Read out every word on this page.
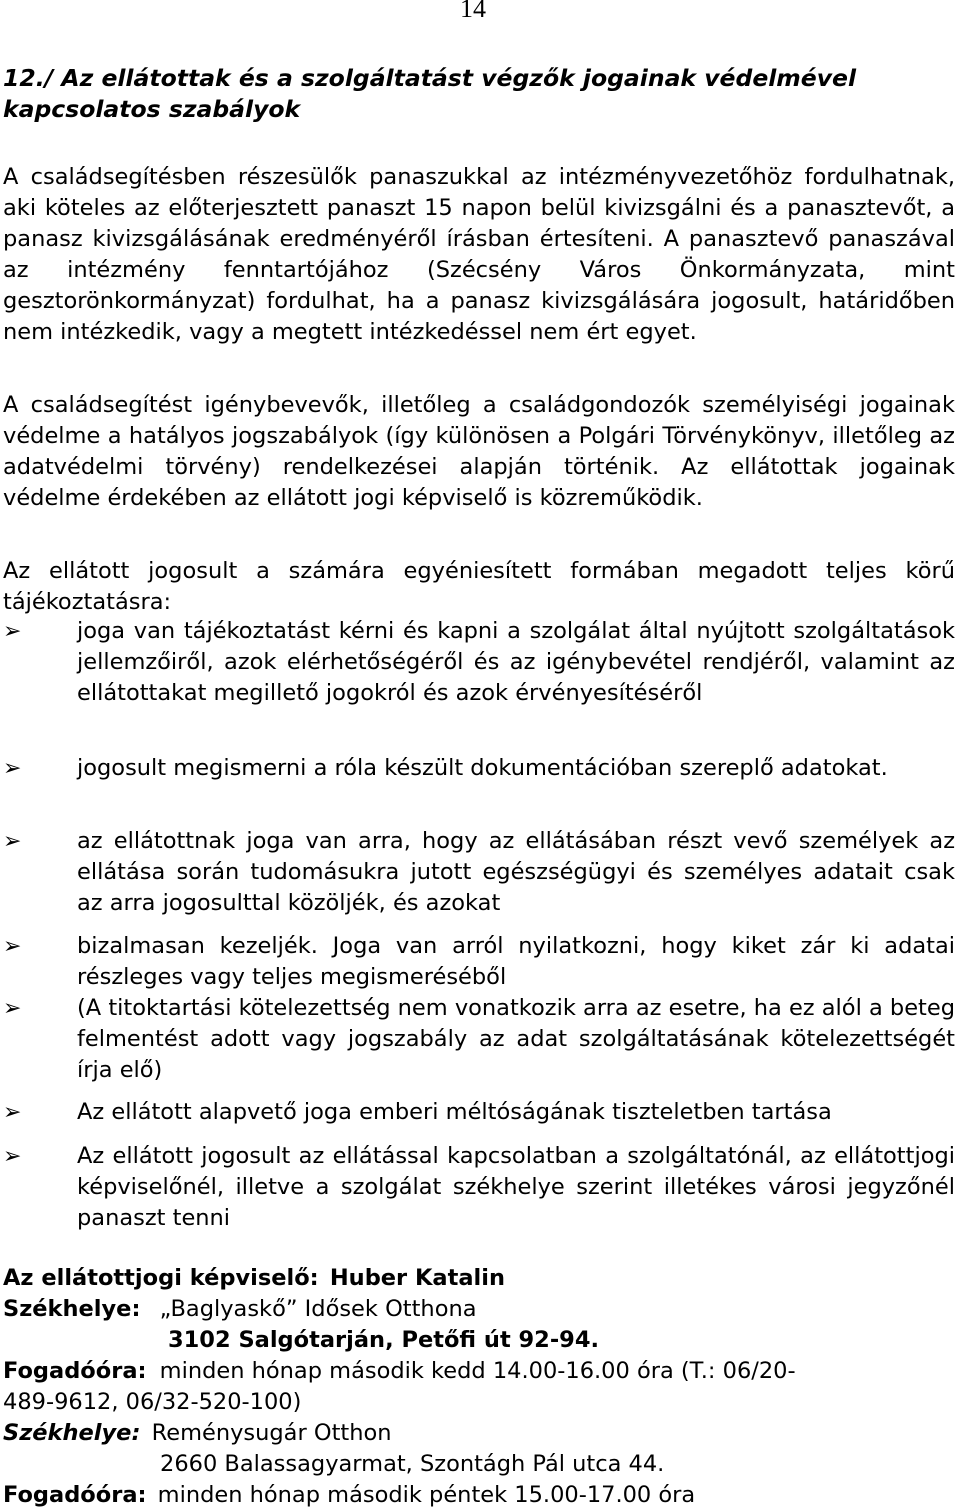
14
12./ Az ellátottak és a szolgáltatást végzők jogainak védelmével kapcsolatos szabályok

A családsegítésben részesülők panaszukkal az intézményvezetőhöz fordulhatnak, aki köteles az előterjesztett panaszt 15 napon belül kivizsgálni és a panasztevőt, a panasz kivizsgálásának eredményéről írásban értesíteni. A panasztevő panaszával az intézmény fenntartójához (Szécsény Város Önkormányzata, mint gesztorönkormányzat) fordulhat, ha a panasz kivizsgálására jogosult, határidőben nem intézkedik, vagy a megtett intézkedéssel nem ért egyet.

A családsegítést igénybevevők, illetőleg a családgondozók személyiségi jogainak védelme a hatályos jogszabályok (így különösen a Polgári Törvénykönyv, illetőleg az adatvédelmi törvény) rendelkezései alapján történik. Az ellátottak jogainak védelme érdekében az ellátott jogi képviselő is közreműködik.

Az ellátott jogosult a számára egyéniesített formában megadott teljes körű tájékoztatásra:

➢ joga van tájékoztatást kérni és kapni a szolgálat által nyújtott szolgáltatások jellemzőiről, azok elérhetőségéről és az igénybevétel rendjéről, valamint az ellátottakat megillető jogokról és azok érvényesítéséről

➢ jogosult megismerni a róla készült dokumentációban szereplő adatokat.

➢ az ellátottnak joga van arra, hogy az ellátásában részt vevő személyek az ellátása során tudomásukra jutott egészségügyi és személyes adatait csak az arra jogosulttal közöljék, és azokat

➢ bizalmasan kezeljék. Joga van arról nyilatkozni, hogy kiket zár ki adatai részleges vagy teljes megismeréséből

➢ (A titoktartási kötelezettség nem vonatkozik arra az esetre, ha ez alól a beteg felmentést adott vagy jogszabály az adat szolgáltatásának kötelezettségét írja elő)

➢ Az ellátott alapvető joga emberi méltóságának tiszteletben tartása

➢ Az ellátott jogosult az ellátással kapcsolatban a szolgáltatónál, az ellátottjogi képviselőnél, illetve a szolgálat székhelye szerint illetékes városi jegyzőnél panaszt tenni

Az ellátottjogi képviselő: Huber Katalin
Székhelye: „Baglyaskő” Idősek Otthona
3102 Salgótarján, Petőfi út 92-94.
Fogadóóra: minden hónap második kedd 14.00-16.00 óra (T.: 06/20-
489-9612, 06/32-520-100)
Székhelye: Reménysugár Otthon
2660 Balassagyarmat, Szontágh Pál utca 44.
Fogadóóra: minden hónap második péntek 15.00-17.00 óra
